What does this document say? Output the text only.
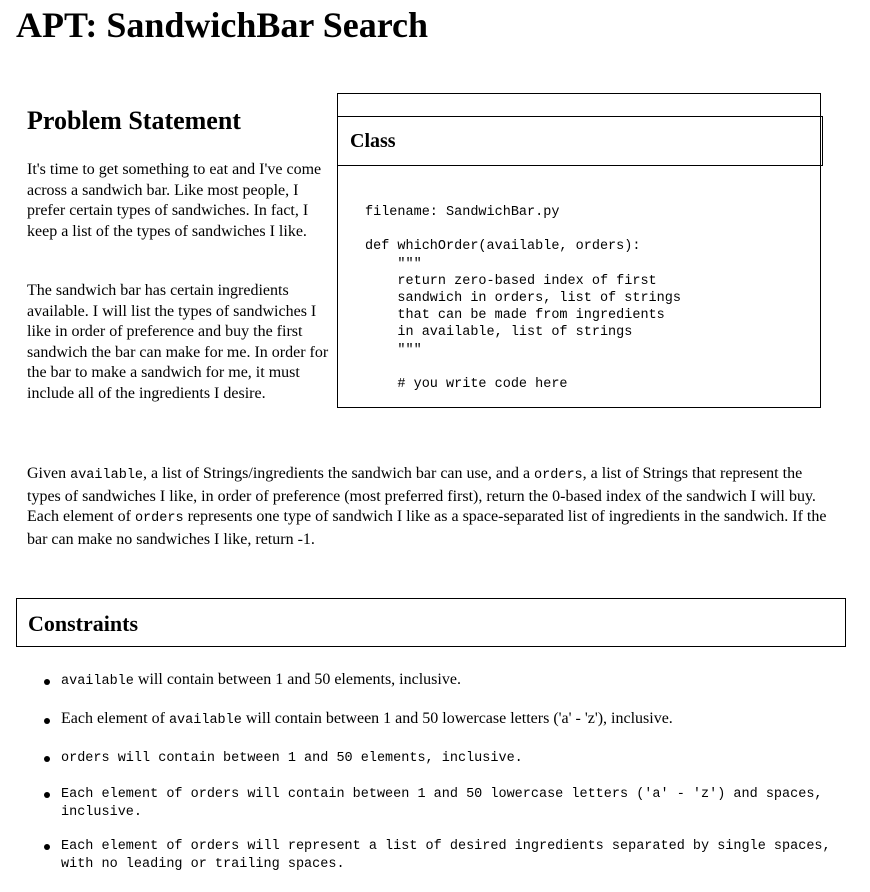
APT: SandwichBar Search
Class
filename: SandwichBar.py

def whichOrder(available, orders):
"""
return zero-based index of first
sandwich in orders, list of strings
that can be made from ingredients
in available, list of strings
"""

# you write code here
Problem Statement

It's time to get something to eat and I've come across a sandwich bar. Like most people, I prefer certain types of sandwiches. In fact, I keep a list of the types of sandwiches I like.

The sandwich bar has certain ingredients available. I will list the types of sandwiches I like in order of preference and buy the first sandwich the bar can make for me. In order for the bar to make a sandwich for me, it must include all of the ingredients I desire.

Given available, a list of Strings/ingredients the sandwich bar can use, and a orders, a list of Strings that represent the types of sandwiches I like, in order of preference (most preferred first), return the 0-based index of the sandwich I will buy. Each element of orders represents one type of sandwich I like as a space-separated list of ingredients in the sandwich. If the bar can make no sandwiches I like, return -1.

Constraints
available will contain between 1 and 50 elements, inclusive.
Each element of available will contain between 1 and 50 lowercase letters ('a' - 'z'), inclusive.
orders will contain between 1 and 50 elements, inclusive.
Each element of orders will contain between 1 and 50 lowercase letters ('a' - 'z') and spaces, inclusive.
Each element of orders will represent a list of desired ingredients separated by single spaces, with no leading or trailing spaces.
